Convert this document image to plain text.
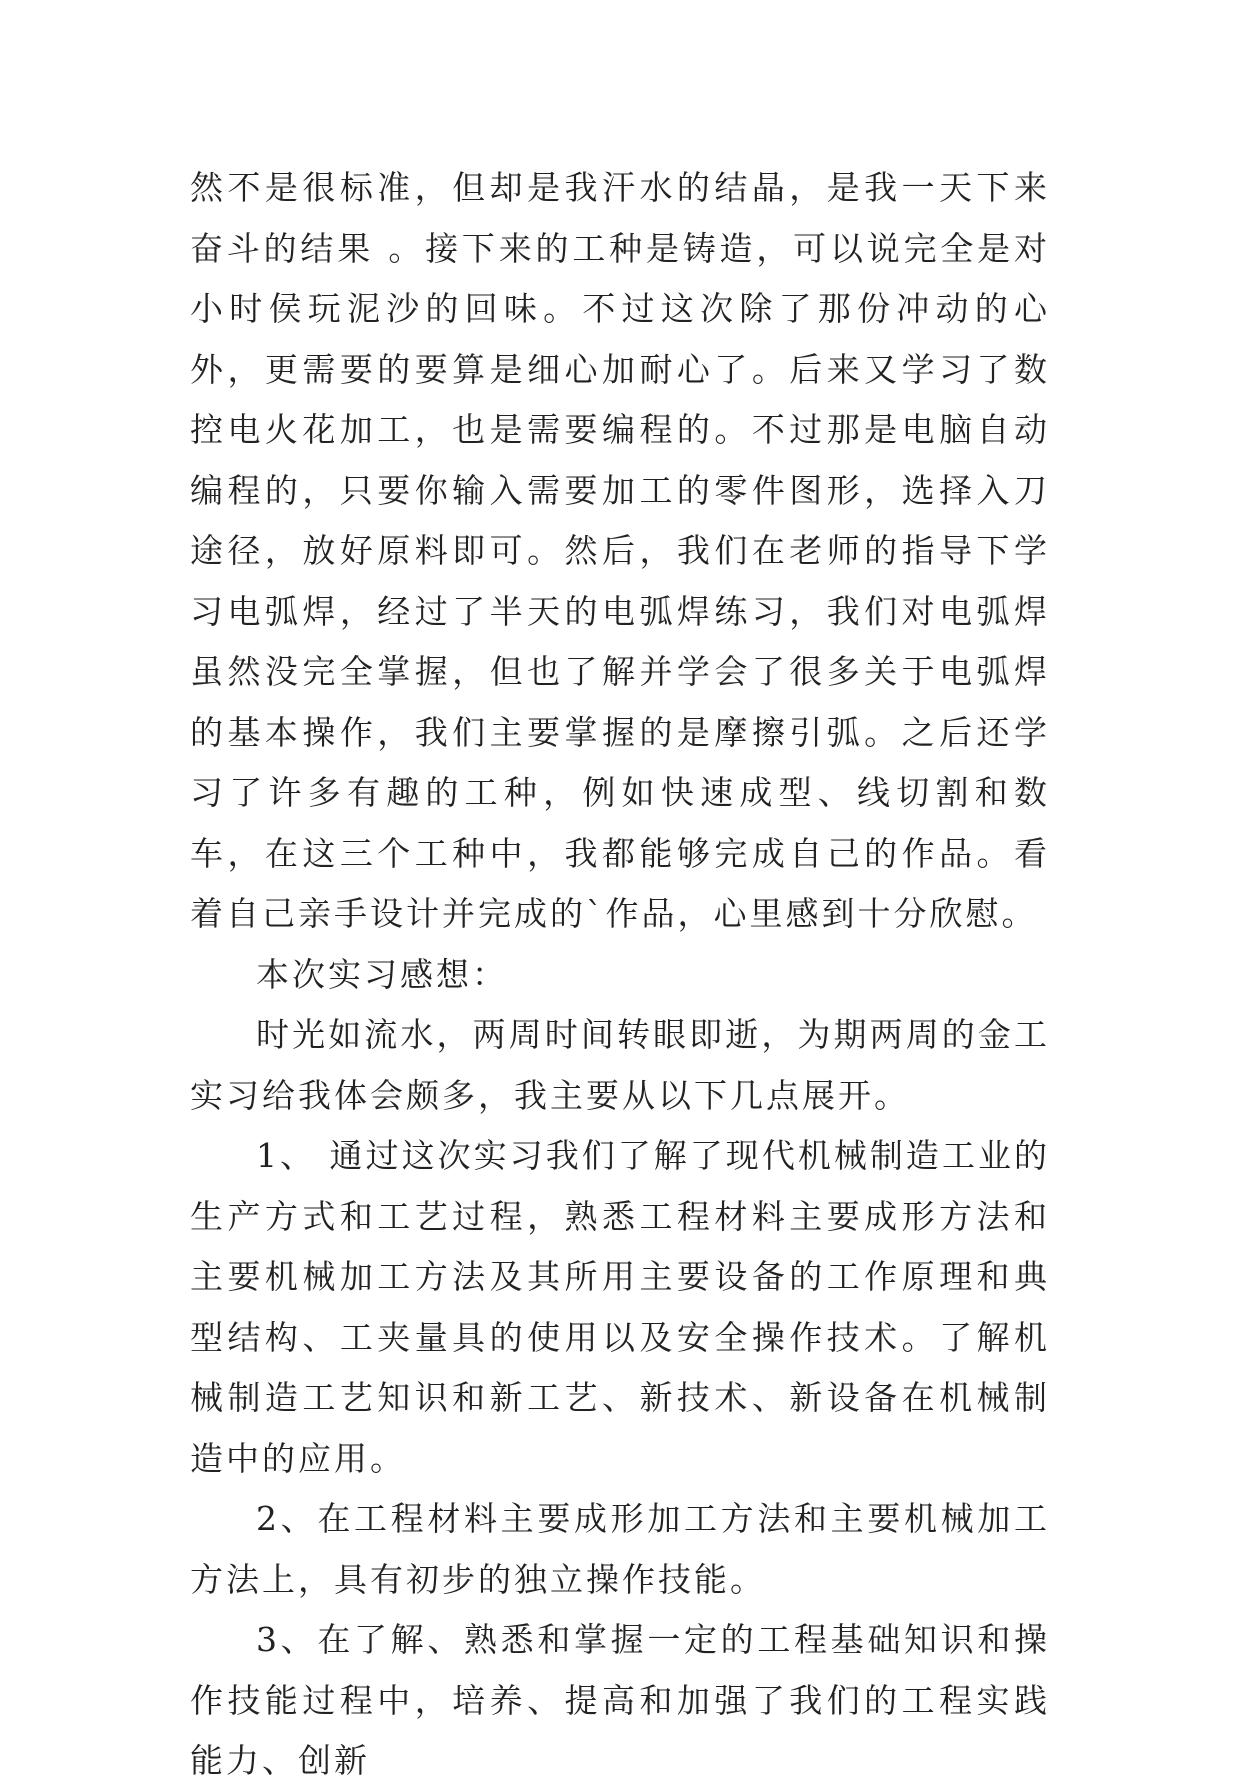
然不是很标准，但却是我汗水的结晶，是我一天下来奋斗的结果 。接下来的工种是铸造，可以说完全是对小时侯玩泥沙的回味。不过这次除了那份冲动的心外，更需要的要算是细心加耐心了。后来又学习了数控电火花加工，也是需要编程的。不过那是电脑自动编程的，只要你输入需要加工的零件图形，选择入刀途径，放好原料即可。然后，我们在老师的指导下学习电弧焊，经过了半天的电弧焊练习，我们对电弧焊虽然没完全掌握，但也了解并学会了很多关于电弧焊的基本操作，我们主要掌握的是摩擦引弧。之后还学习了许多有趣的工种，例如快速成型、线切割和数车，在这三个工种中，我都能够完成自己的作品。看着自己亲手设计并完成的`作品，心里感到十分欣慰。

本次实习感想：

时光如流水，两周时间转眼即逝，为期两周的金工实习给我体会颇多，我主要从以下几点展开。

1、 通过这次实习我们了解了现代机械制造工业的生产方式和工艺过程，熟悉工程材料主要成形方法和主要机械加工方法及其所用主要设备的工作原理和典型结构、工夹量具的使用以及安全操作技术。了解机械制造工艺知识和新工艺、新技术、新设备在机械制造中的应用。

2、在工程材料主要成形加工方法和主要机械加工方法上，具有初步的独立操作技能。

3、在了解、熟悉和掌握一定的工程基础知识和操作技能过程中，培养、提高和加强了我们的工程实践能力、创新
